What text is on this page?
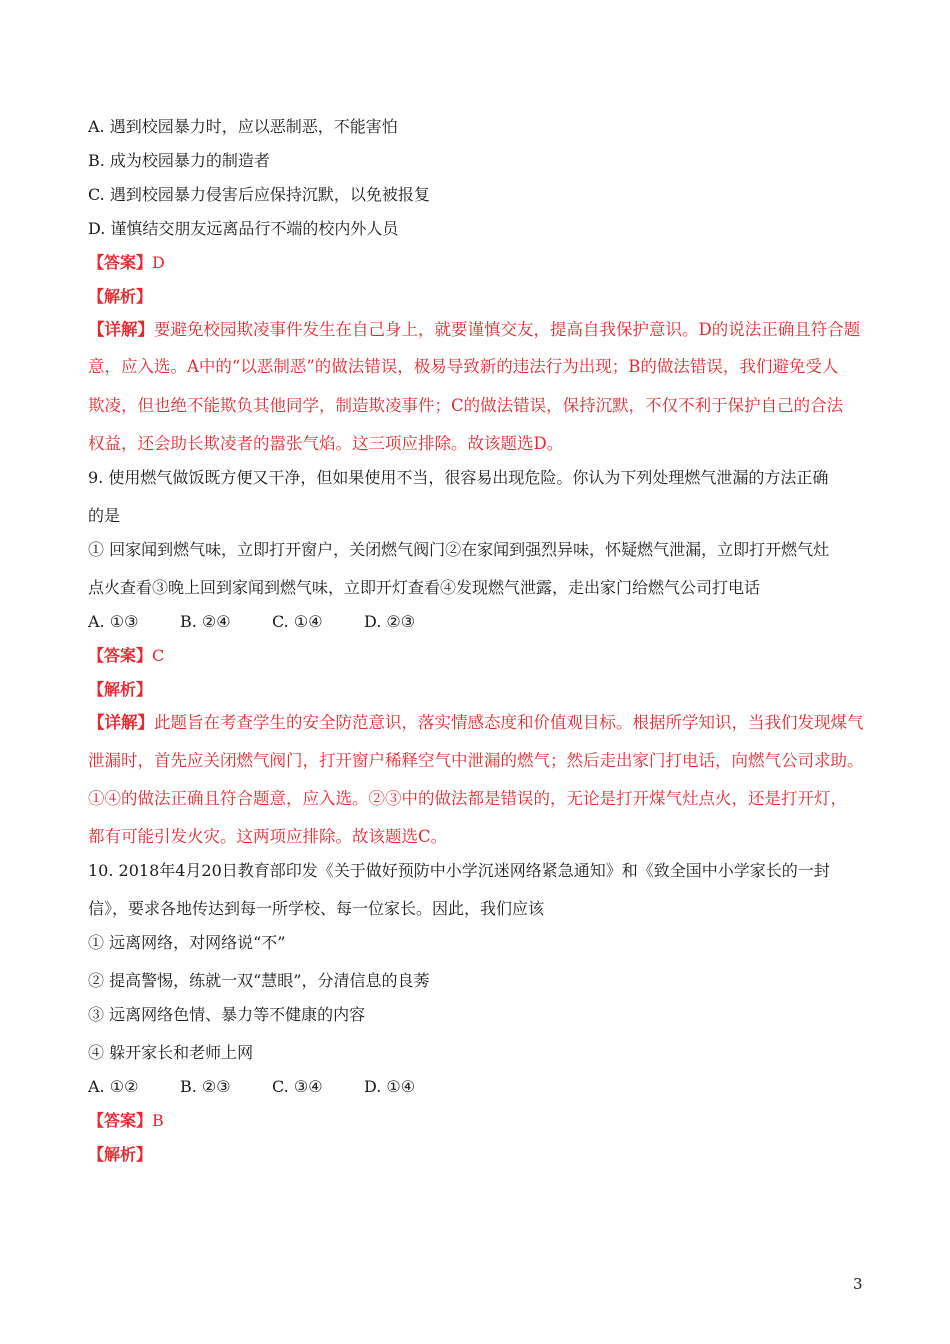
A. 遇到校园暴力时，应以恶制恶，不能害怕
B. 成为校园暴力的制造者
C. 遇到校园暴力侵害后应保持沉默，以免被报复
D. 谨慎结交朋友远离品行不端的校内外人员
【答案】D
【解析】
【详解】要避免校园欺凌事件发生在自己身上，就要谨慎交友，提高自我保护意识。D的说法正确且符合题
意，应入选。A中的“以恶制恶”的做法错误，极易导致新的违法行为出现；B的做法错误，我们避免受人
欺凌，但也绝不能欺负其他同学，制造欺凌事件；C的做法错误，保持沉默，不仅不利于保护自己的合法
权益，还会助长欺凌者的嚣张气焰。这三项应排除。故该题选D。
9. 使用燃气做饭既方便又干净，但如果使用不当，很容易出现危险。你认为下列处理燃气泄漏的方法正确
的是
① 回家闻到燃气味，立即打开窗户，关闭燃气阀门②在家闻到强烈异味，怀疑燃气泄漏，立即打开燃气灶
点火查看③晚上回到家闻到燃气味，立即开灯查看④发现燃气泄露，走出家门给燃气公司打电话
A. ①③	B. ②④	C. ①④	D. ②③
【答案】C
【解析】
【详解】此题旨在考查学生的安全防范意识，落实情感态度和价值观目标。根据所学知识，当我们发现煤气
泄漏时，首先应关闭燃气阀门，打开窗户稀释空气中泄漏的燃气；然后走出家门打电话，向燃气公司求助。
①④的做法正确且符合题意，应入选。②③中的做法都是错误的，无论是打开煤气灶点火，还是打开灯，
都有可能引发火灾。这两项应排除。故该题选C。
10. 2018年4月20日教育部印发《关于做好预防中小学沉迷网络紧急通知》和《致全国中小学家长的一封
信》，要求各地传达到每一所学校、每一位家长。因此，我们应该
① 远离网络，对网络说“不”
② 提高警惕，练就一双“慧眼”，分清信息的良莠
③ 远离网络色情、暴力等不健康的内容
④ 躲开家长和老师上网
A. ①②	B. ②③	C. ③④	D. ①④
【答案】B
【解析】
3
